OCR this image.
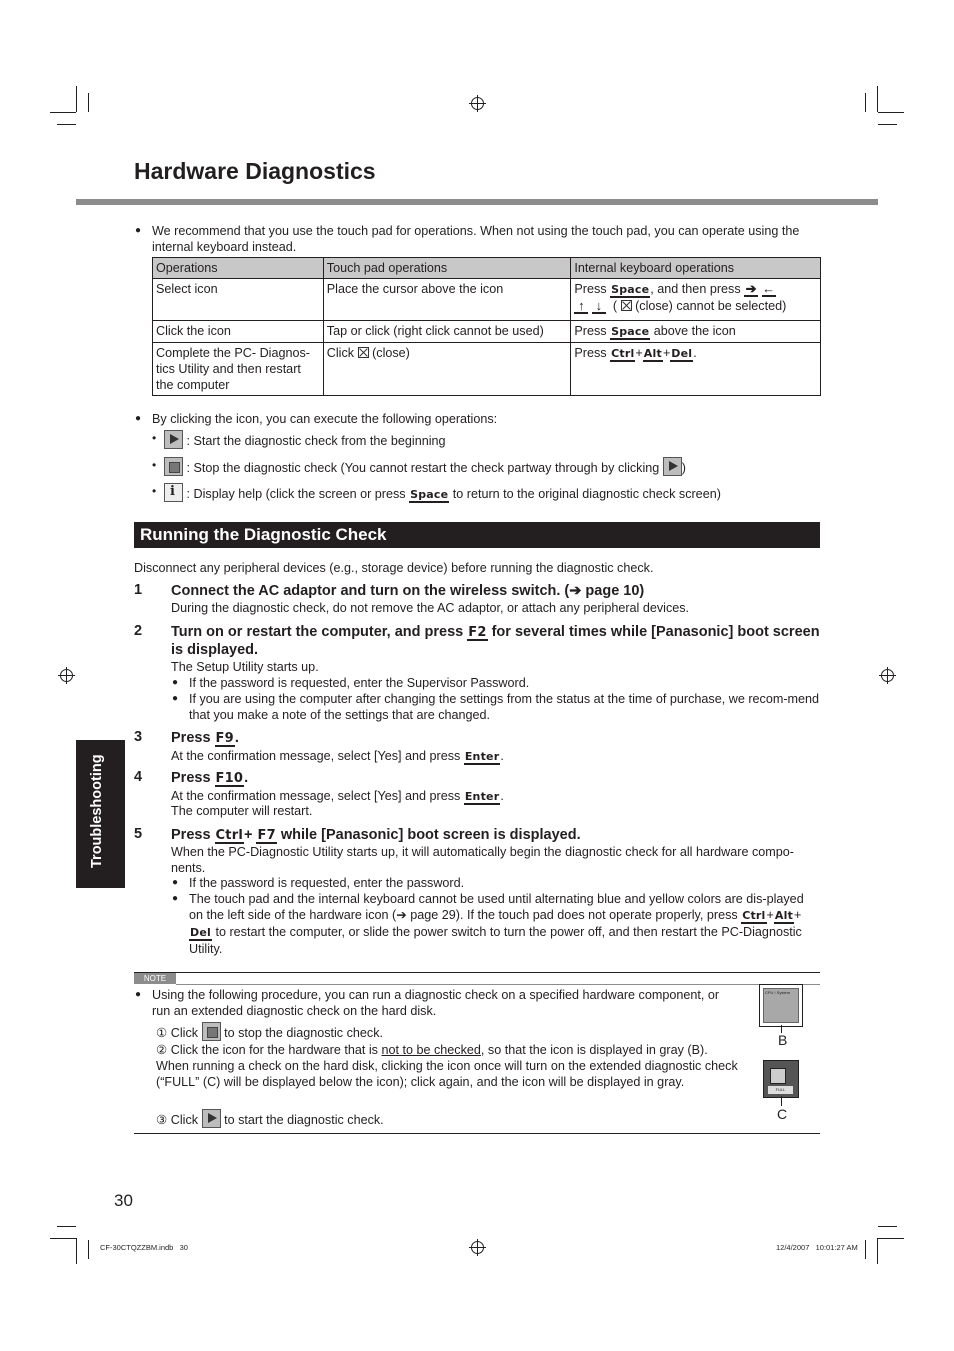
Hardware Diagnostics
● We recommend that you use the touch pad for operations. When not using the touch pad, you can operate using the internal keyboard instead.
Operations	Touch pad operations	Internal keyboard operations
Select icon	Place the cursor above the icon	Press Space, and then press ➔ ←
↑ ↓  (  (close) cannot be selected)
Click the icon	Tap or click (right click cannot be used)	Press Space above the icon
Complete the PC- Diagnos-tics Utility and then restart the computer	Click (close)	Press Ctrl+Alt+Del.
● By clicking the icon, you can execute the following operations:
• : Start the diagnostic check from the beginning
• : Stop the diagnostic check (You cannot restart the check partway through by clicking )
i • : Display help (click the screen or press Space to return to the original diagnostic check screen)
Running the Diagnostic Check
Disconnect any peripheral devices (e.g., storage device) before running the diagnostic check.
1 Connect the AC adaptor and turn on the wireless switch. (➔ page 10)
During the diagnostic check, do not remove the AC adaptor, or attach any peripheral devices.
2 Turn on or restart the computer, and press F2 for several times while [Panasonic] boot screen is displayed.
The Setup Utility starts up.
● If the password is requested, enter the Supervisor Password.
● If you are using the computer after changing the settings from the status at the time of purchase, we recom-mend that you make a note of the settings that are changed.
3 Press F9.
At the confirmation message, select [Yes] and press Enter.
4 Press F10.
At the confirmation message, select [Yes] and press Enter.
The computer will restart.
5 Press Ctrl+ F7 while [Panasonic] boot screen is displayed.
When the PC-Diagnostic Utility starts up, it will automatically begin the diagnostic check for all hardware compo-nents.
● If the password is requested, enter the password.
● The touch pad and the internal keyboard cannot be used until alternating blue and yellow colors are dis-played on the left side of the hardware icon (➔ page 29). If the touch pad does not operate properly, press Ctrl+Alt+Del to restart the computer, or slide the power switch to turn the power off, and then restart the PC-Diagnostic Utility.
Troubleshooting
NOTE
● Using the following procedure, you can run a diagnostic check on a specified hardware component, or run an extended diagnostic check on the hard disk.
① Click to stop the diagnostic check.
② Click the icon for the hardware that is not to be checked, so that the icon is displayed in gray (B). When running a check on the hard disk, clicking the icon once will turn on the extended diagnostic check (“FULL” (C) will be displayed below the icon); click again, and the icon will be displayed in gray.
③ Click to start the diagnostic check.
CPU / System
B
FULL
C
30
CF-30CTQZZBM.indb   30	12/4/2007   10:01:27 AM
